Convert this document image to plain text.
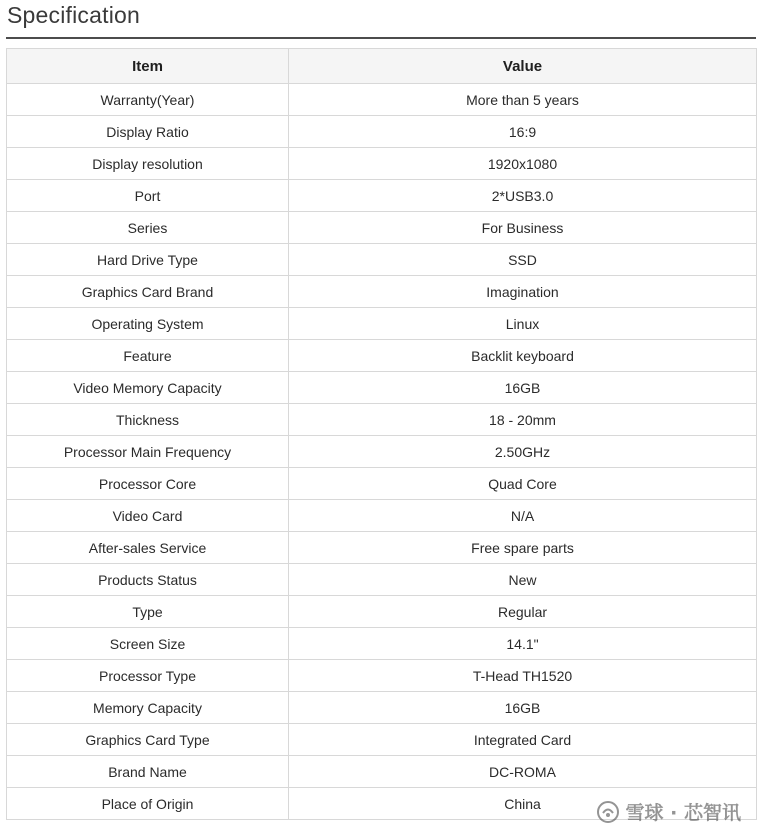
Specification
Item	Value
Warranty(Year)	More than 5 years
Display Ratio	16:9
Display resolution	1920x1080
Port	2*USB3.0
Series	For Business
Hard Drive Type	SSD
Graphics Card Brand	Imagination
Operating System	Linux
Feature	Backlit keyboard
Video Memory Capacity	16GB
Thickness	18 - 20mm
Processor Main Frequency	2.50GHz
Processor Core	Quad Core
Video Card	N/A
After-sales Service	Free spare parts
Products Status	New
Type	Regular
Screen Size	14.1"
Processor Type	T-Head TH1520
Memory Capacity	16GB
Graphics Card Type	Integrated Card
Brand Name	DC-ROMA
Place of Origin	China	雪球 · 芯智讯
